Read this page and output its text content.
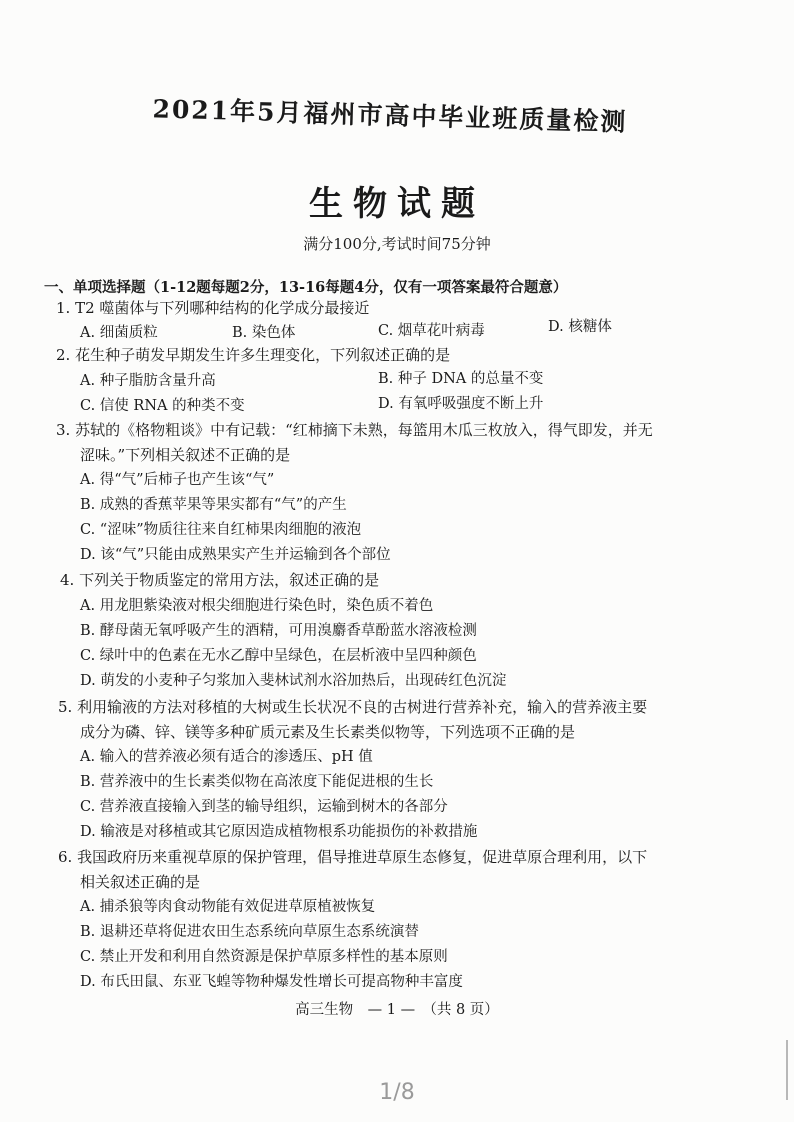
2021年5月福州市高中毕业班质量检测
生物试题
满分100分,考试时间75分钟
一、单项选择题（1-12题每题2分，13-16每题4分，仅有一项答案最符合题意）
1. T2 噬菌体与下列哪种结构的化学成分最接近
A. 细菌质粒	B. 染色体	C. 烟草花叶病毒	D. 核糖体
2. 花生种子萌发早期发生许多生理变化，下列叙述正确的是
A. 种子脂肪含量升高	B. 种子 DNA 的总量不变
C. 信使 RNA 的种类不变	D. 有氧呼吸强度不断上升
3. 苏轼的《格物粗谈》中有记载：“红柿摘下未熟，每篮用木瓜三枚放入，得气即发，并无
涩味。”下列相关叙述不正确的是
A. 得“气”后柿子也产生该“气”
B. 成熟的香蕉苹果等果实都有“气”的产生
C. “涩味”物质往往来自红柿果肉细胞的液泡
D. 该“气”只能由成熟果实产生并运输到各个部位
4. 下列关于物质鉴定的常用方法，叙述正确的是
A. 用龙胆紫染液对根尖细胞进行染色时，染色质不着色
B. 酵母菌无氧呼吸产生的酒精，可用溴麝香草酚蓝水溶液检测
C. 绿叶中的色素在无水乙醇中呈绿色，在层析液中呈四种颜色
D. 萌发的小麦种子匀浆加入斐林试剂水浴加热后，出现砖红色沉淀
5. 利用输液的方法对移植的大树或生长状况不良的古树进行营养补充，输入的营养液主要
成分为磷、锌、镁等多种矿质元素及生长素类似物等，下列选项不正确的是
A. 输入的营养液必须有适合的渗透压、pH 值
B. 营养液中的生长素类似物在高浓度下能促进根的生长
C. 营养液直接输入到茎的输导组织，运输到树木的各部分
D. 输液是对移植或其它原因造成植物根系功能损伤的补救措施
6. 我国政府历来重视草原的保护管理，倡导推进草原生态修复，促进草原合理利用，以下
相关叙述正确的是
A. 捕杀狼等肉食动物能有效促进草原植被恢复
B. 退耕还草将促进农田生态系统向草原生态系统演替
C. 禁止开发和利用自然资源是保护草原多样性的基本原则
D. 布氏田鼠、东亚飞蝗等物种爆发性增长可提高物种丰富度
高三生物　— 1 —　（共 8 页）
1/8
